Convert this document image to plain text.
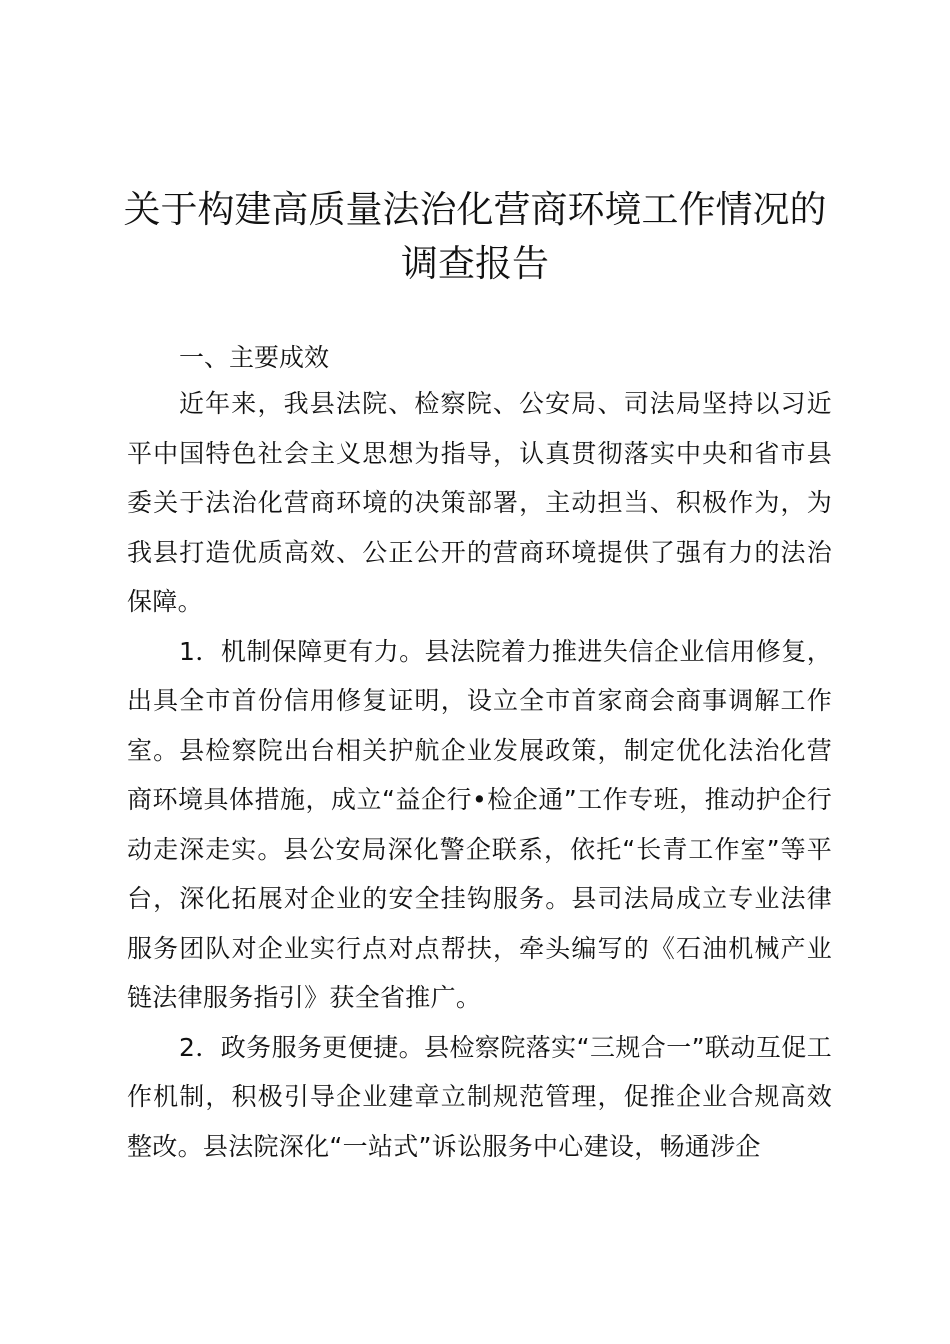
关于构建高质量法治化营商环境工作情况的调查报告
一、主要成效

近年来，我县法院、检察院、公安局、司法局坚持以习近平中国特色社会主义思想为指导，认真贯彻落实中央和省市县委关于法治化营商环境的决策部署，主动担当、积极作为，为我县打造优质高效、公正公开的营商环境提供了强有力的法治保障。

1．机制保障更有力。县法院着力推进失信企业信用修复，出具全市首份信用修复证明，设立全市首家商会商事调解工作室。县检察院出台相关护航企业发展政策，制定优化法治化营商环境具体措施，成立“益企行•检企通”工作专班，推动护企行动走深走实。县公安局深化警企联系，依托“长青工作室”等平台，深化拓展对企业的安全挂钩服务。县司法局成立专业法律服务团队对企业实行点对点帮扶，牵头编写的《石油机械产业链法律服务指引》获全省推广。

2．政务服务更便捷。县检察院落实“三规合一”联动互促工作机制，积极引导企业建章立制规范管理，促推企业合规高效整改。县法院深化“一站式”诉讼服务中心建设，畅通涉企
